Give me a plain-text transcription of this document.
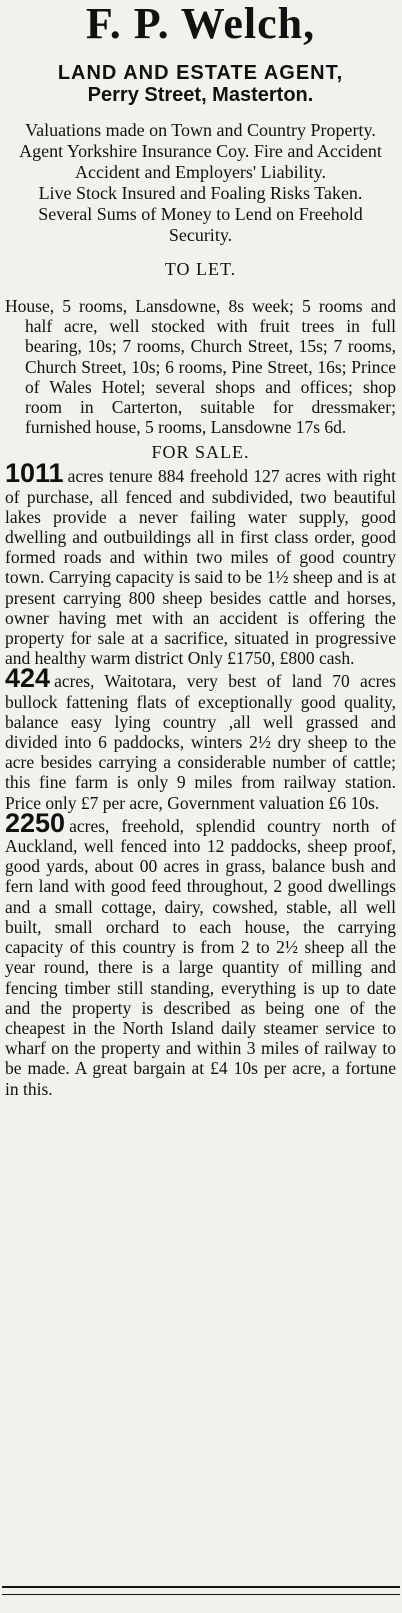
F. P. Welch,
LAND AND ESTATE AGENT,
Perry Street, Masterton.
Valuations made on Town and Country Property.
Agent Yorkshire Insurance Coy. Fire and Accident
Accident and Employers' Liability.
Live Stock Insured and Foaling Risks Taken.
Several Sums of Money to Lend on Freehold Security.
TO LET.
House, 5 rooms, Lansdowne, 8s week; 5 rooms and half acre, well stocked with fruit trees in full bearing, 10s; 7 rooms, Church Street, 15s; 7 rooms, Church Street, 10s; 6 rooms, Pine Street, 16s; Prince of Wales Hotel; several shops and offices; shop room in Carterton, suitable for dressmaker; furnished house, 5 rooms, Lansdowne 17s 6d.
FOR SALE.
1011 acres tenure 884 freehold 127 acres with right of purchase, all fenced and subdivided, two beautiful lakes provide a never failing water supply, good dwelling and outbuildings all in first class order, good formed roads and within two miles of good country town. Carrying capacity is said to be 1½ sheep and is at present carrying 800 sheep besides cattle and horses, owner having met with an accident is offering the property for sale at a sacrifice, situated in progressive and healthy warm district Only £1750, £800 cash.
424 acres, Waitotara, very best of land 70 acres bullock fattening flats of exceptionally good quality, balance easy lying country ,all well grassed and divided into 6 paddocks, winters 2½ dry sheep to the acre besides carrying a considerable number of cattle; this fine farm is only 9 miles from railway station. Price only £7 per acre, Government valuation £6 10s.
2250 acres, freehold, splendid country north of Auckland, well fenced into 12 paddocks, sheep proof, good yards, about 00 acres in grass, balance bush and fern land with good feed throughout, 2 good dwellings and a small cottage, dairy, cowshed, stable, all well built, small orchard to each house, the carrying capacity of this country is from 2 to 2½ sheep all the year round, there is a large quantity of milling and fencing timber still standing, everything is up to date and the property is described as being one of the cheapest in the North Island daily steamer service to wharf on the property and within 3 miles of railway to be made. A great bargain at £4 10s per acre, a fortune in this.
